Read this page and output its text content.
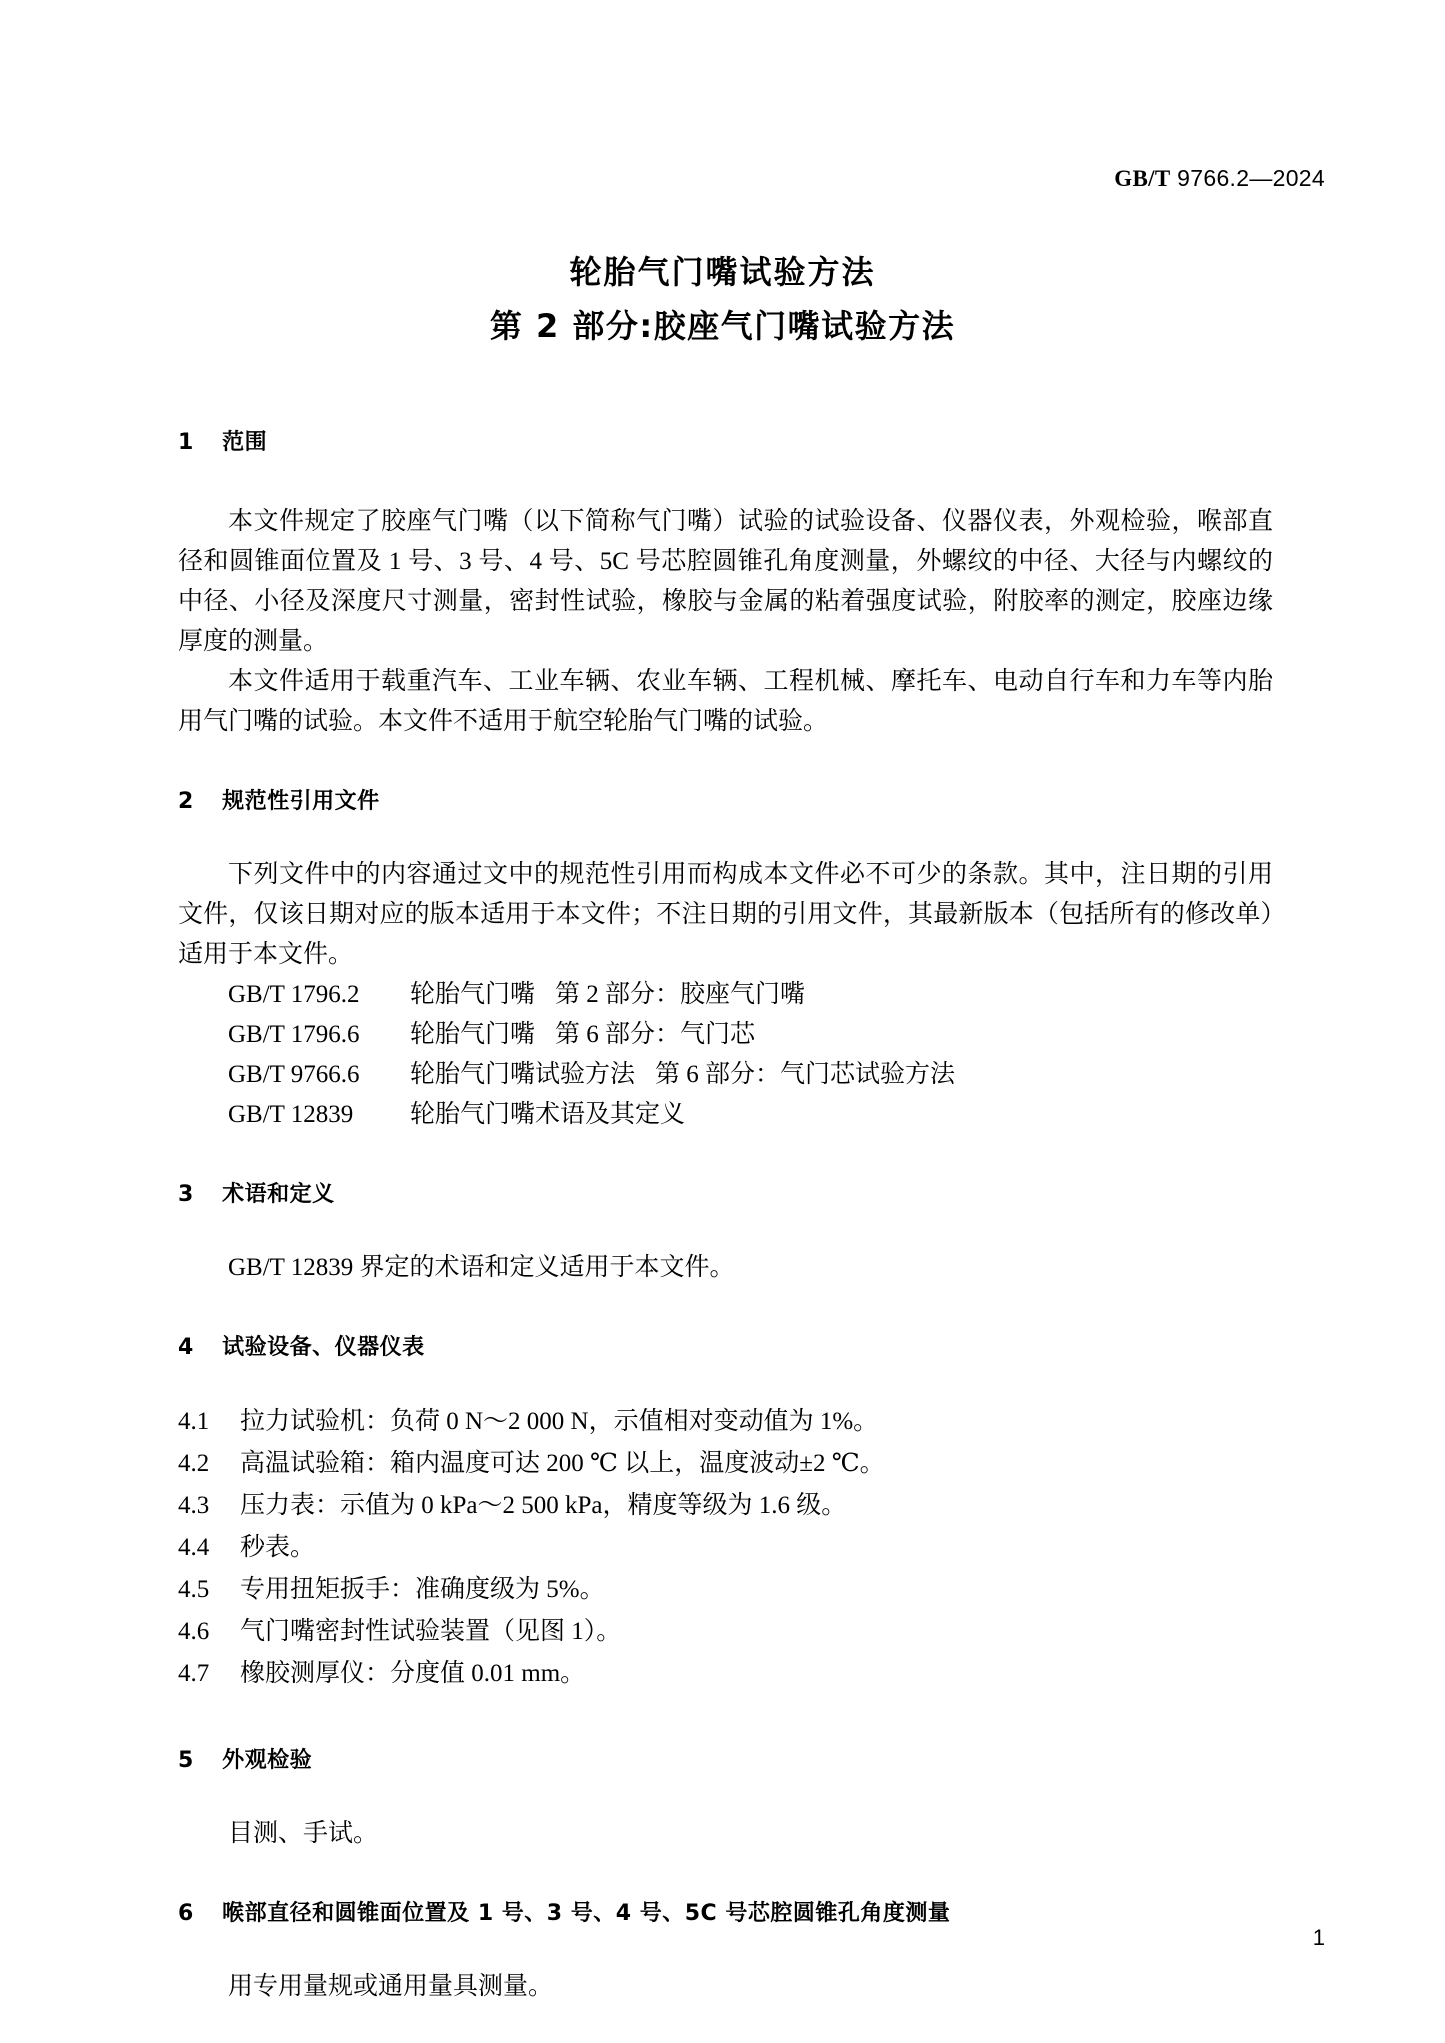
GB/T 9766.2—2024
轮胎气门嘴试验方法
第 2 部分:胶座气门嘴试验方法
1 范围

本文件规定了胶座气门嘴（以下简称气门嘴）试验的试验设备、仪器仪表，外观检验，喉部直径和圆锥面位置及 1 号、3 号、4 号、5C 号芯腔圆锥孔角度测量，外螺纹的中径、大径与内螺纹的中径、小径及深度尺寸测量，密封性试验，橡胶与金属的粘着强度试验，附胶率的测定，胶座边缘厚度的测量。

本文件适用于载重汽车、工业车辆、农业车辆、工程机械、摩托车、电动自行车和力车等内胎用气门嘴的试验。本文件不适用于航空轮胎气门嘴的试验。

2 规范性引用文件

下列文件中的内容通过文中的规范性引用而构成本文件必不可少的条款。其中，注日期的引用文件，仅该日期对应的版本适用于本文件；不注日期的引用文件，其最新版本（包括所有的修改单）适用于本文件。

GB/T 1796.2 轮胎气门嘴 第 2 部分：胶座气门嘴
GB/T 1796.6 轮胎气门嘴 第 6 部分：气门芯
GB/T 9766.6 轮胎气门嘴试验方法 第 6 部分：气门芯试验方法
GB/T 12839 轮胎气门嘴术语及其定义
3 术语和定义
GB/T 12839 界定的术语和定义适用于本文件。
4 试验设备、仪器仪表
4.1 拉力试验机：负荷 0 N～2 000 N，示值相对变动值为 1%。
4.2 高温试验箱：箱内温度可达 200 ℃ 以上，温度波动±2 ℃。
4.3 压力表：示值为 0 kPa～2 500 kPa，精度等级为 1.6 级。
4.4 秒表。
4.5 专用扭矩扳手：准确度级为 5%。
4.6 气门嘴密封性试验装置（见图 1）。
4.7 橡胶测厚仪：分度值 0.01 mm。
5 外观检验
目测、手试。
6 喉部直径和圆锥面位置及 1 号、3 号、4 号、5C 号芯腔圆锥孔角度测量
用专用量规或通用量具测量。
1
